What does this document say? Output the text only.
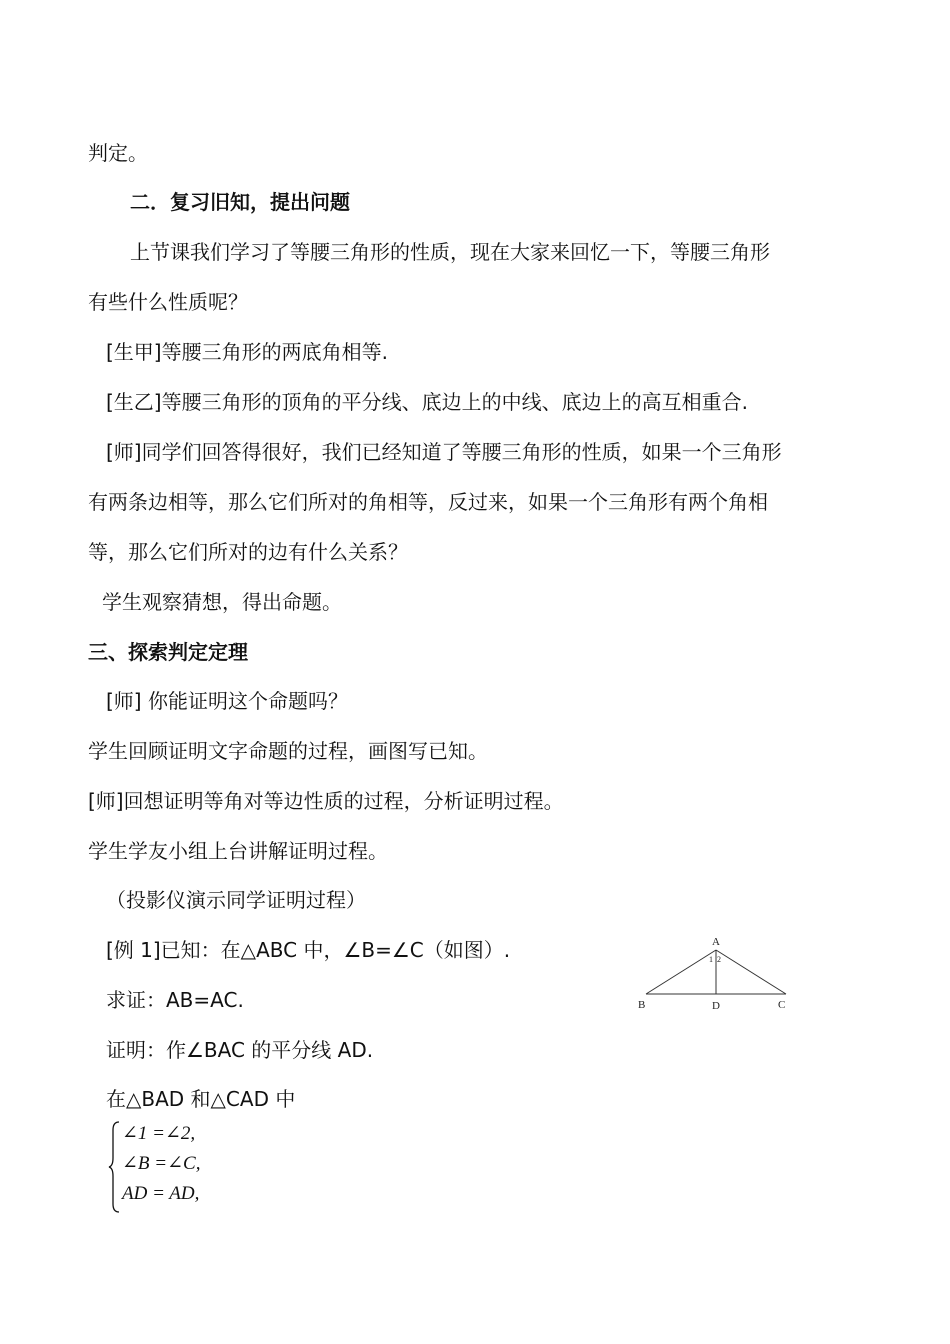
判定。
二．复习旧知，提出问题
上节课我们学习了等腰三角形的性质，现在大家来回忆一下，等腰三角形
有些什么性质呢？
[生甲]等腰三角形的两底角相等.
[生乙]等腰三角形的顶角的平分线、底边上的中线、底边上的高互相重合.
[师]同学们回答得很好，我们已经知道了等腰三角形的性质，如果一个三角形
有两条边相等，那么它们所对的角相等，反过来，如果一个三角形有两个角相
等，那么它们所对的边有什么关系？
学生观察猜想，得出命题。
三、探索判定定理
[师] 你能证明这个命题吗？
学生回顾证明文字命题的过程，画图写已知。
[师]回想证明等角对等边性质的过程，分析证明过程。
学生学友小组上台讲解证明过程。
（投影仪演示同学证明过程）
[例 1]已知：在△ABC 中，∠B=∠C（如图）.
求证：AB=AC.
证明：作∠BAC 的平分线 AD.
在△BAD 和△CAD 中
∠1 =∠2,
∠B =∠C,
AD = AD,
A
B	C
D
1 2
